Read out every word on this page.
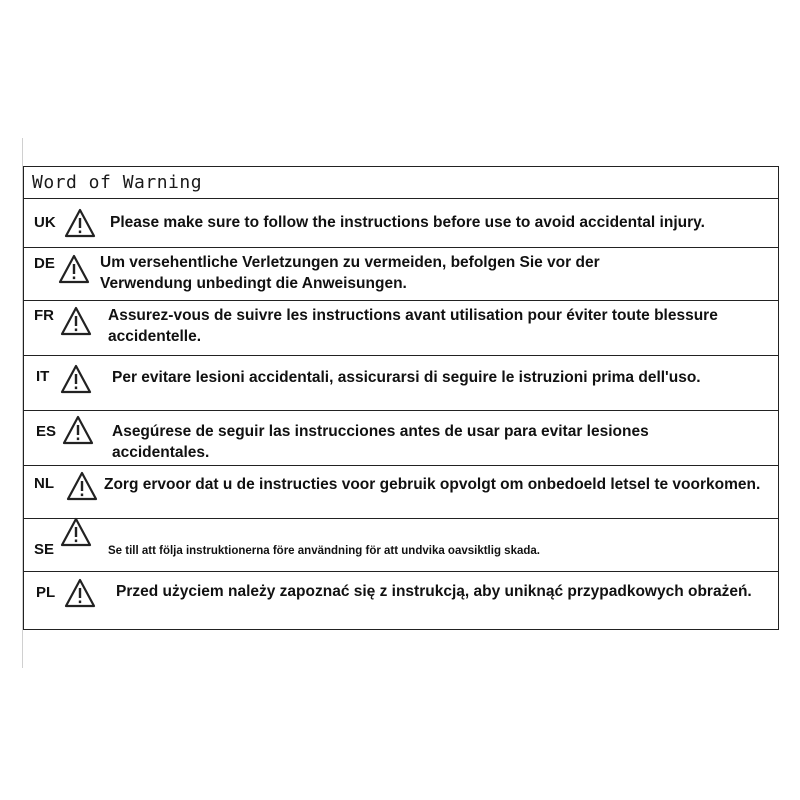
Word of Warning
UK	Please make sure to follow the instructions before use to avoid accidental injury.
DE	Um versehentliche Verletzungen zu vermeiden, befolgen Sie vor der Verwendung unbedingt die Anweisungen.
FR	Assurez-vous de suivre les instructions avant utilisation pour éviter toute blessure accidentelle.
IT	Per evitare lesioni accidentali, assicurarsi di seguire le istruzioni prima dell'uso.
ES	Asegúrese de seguir las instrucciones antes de usar para evitar lesiones accidentales.
NL	Zorg ervoor dat u de instructies voor gebruik opvolgt om onbedoeld letsel te voorkomen.
SE	Se till att följa instruktionerna före användning för att undvika oavsiktlig skada.
PL	Przed użyciem należy zapoznać się z instrukcją, aby uniknąć przypadkowych obrażeń.
